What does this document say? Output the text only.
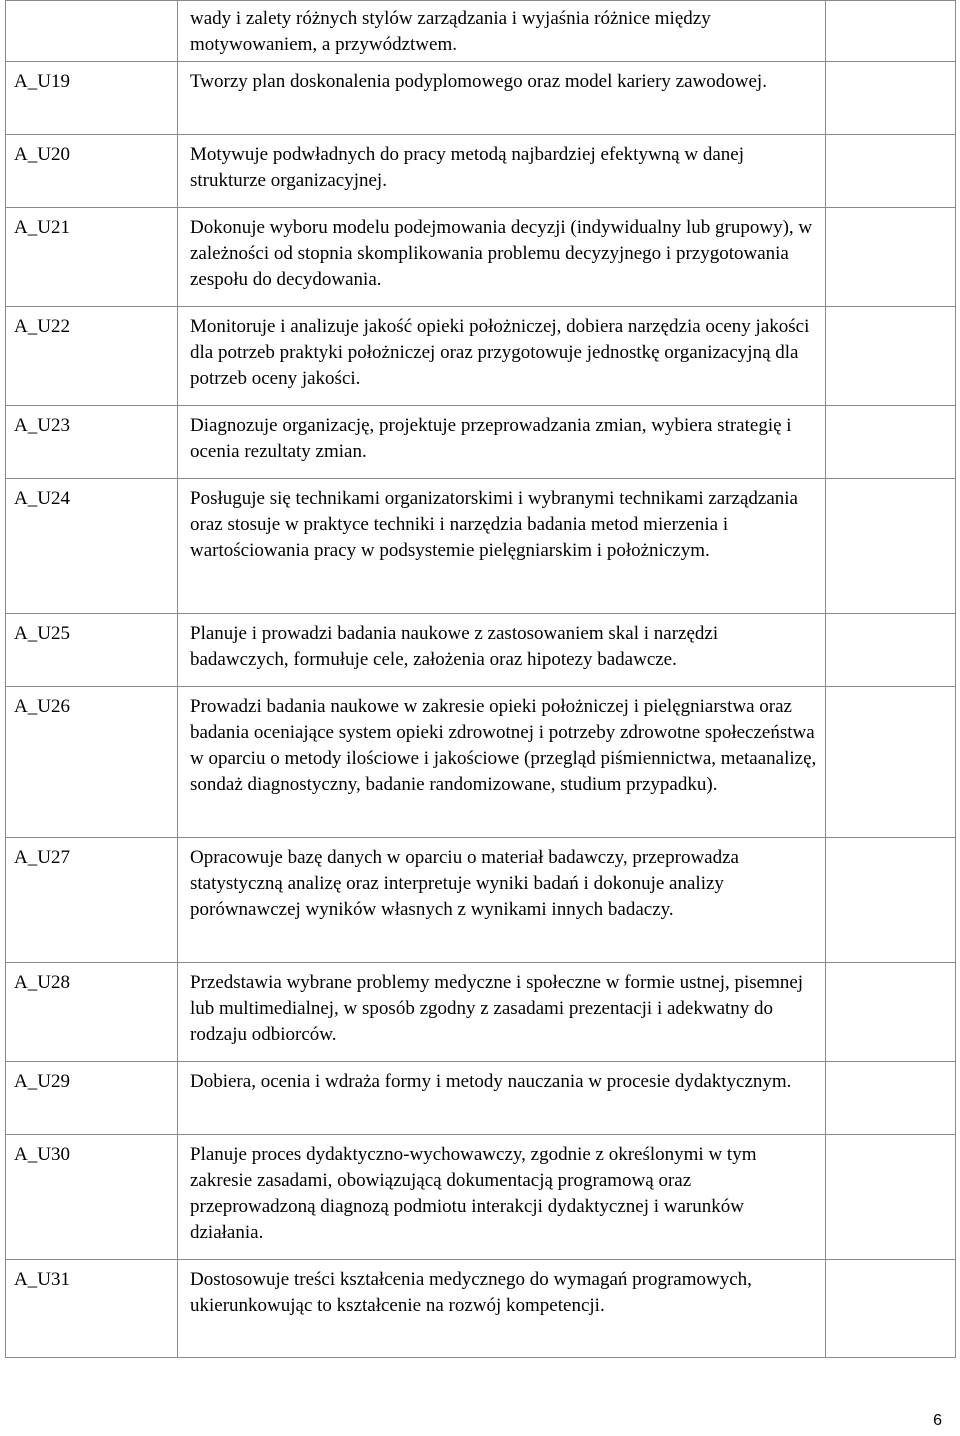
	wady i zalety różnych stylów zarządzania i wyjaśnia różnice między motywowaniem, a przywództwem.	
A_U19	Tworzy plan doskonalenia podyplomowego oraz model kariery zawodowej.	
A_U20	Motywuje podwładnych do pracy metodą najbardziej efektywną w danej strukturze organizacyjnej.	
A_U21	Dokonuje wyboru modelu podejmowania decyzji (indywidualny lub grupowy), w zależności od stopnia skomplikowania problemu decyzyjnego i przygotowania zespołu do decydowania.	
A_U22	Monitoruje i analizuje jakość opieki położniczej, dobiera narzędzia oceny jakości dla potrzeb praktyki położniczej oraz przygotowuje jednostkę organizacyjną dla potrzeb oceny jakości.	
A_U23	Diagnozuje organizację, projektuje przeprowadzania zmian, wybiera strategię i ocenia rezultaty zmian.	
A_U24	Posługuje się technikami organizatorskimi i wybranymi technikami zarządzania oraz stosuje w praktyce techniki i narzędzia badania metod mierzenia i wartościowania pracy w podsystemie pielęgniarskim i położniczym.	
A_U25	Planuje i prowadzi badania naukowe z zastosowaniem skal i narzędzi badawczych, formułuje cele, założenia oraz hipotezy badawcze.	
A_U26	Prowadzi badania naukowe w zakresie opieki położniczej i pielęgniarstwa oraz badania oceniające system opieki zdrowotnej i potrzeby zdrowotne społeczeństwa w oparciu o metody ilościowe i jakościowe (przegląd piśmiennictwa, metaanalizę, sondaż diagnostyczny, badanie randomizowane, studium przypadku).	
A_U27	Opracowuje bazę danych w oparciu o materiał badawczy, przeprowadza statystyczną analizę oraz interpretuje wyniki badań i dokonuje analizy porównawczej wyników własnych z wynikami innych badaczy.	
A_U28	Przedstawia wybrane problemy medyczne i społeczne w formie ustnej, pisemnej lub multimedialnej, w sposób zgodny z zasadami prezentacji i adekwatny do rodzaju odbiorców.	
A_U29	Dobiera, ocenia i wdraża formy i metody nauczania w procesie dydaktycznym.	
A_U30	Planuje proces dydaktyczno-wychowawczy, zgodnie z określonymi w tym zakresie zasadami, obowiązującą dokumentacją programową oraz przeprowadzoną diagnozą podmiotu interakcji dydaktycznej i warunków działania.	
A_U31	Dostosowuje treści kształcenia medycznego do wymagań programowych, ukierunkowując to kształcenie na rozwój kompetencji.	
6
